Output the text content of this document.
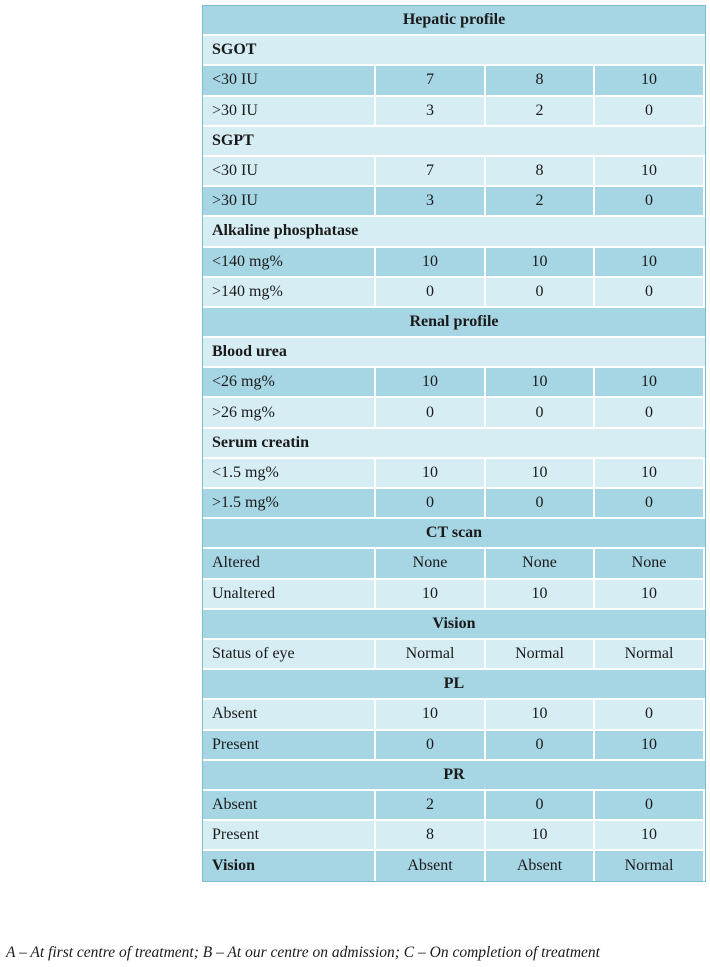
Hepatic profile
SGOT
<30 IU	7	8	10
>30 IU	3	2	0
SGPT
<30 IU	7	8	10
>30 IU	3	2	0
Alkaline phosphatase
<140 mg%	10	10	10
>140 mg%	0	0	0
Renal profile
Blood urea
<26 mg%	10	10	10
>26 mg%	0	0	0
Serum creatin
<1.5 mg%	10	10	10
>1.5 mg%	0	0	0
CT scan
Altered	None	None	None
Unaltered	10	10	10
Vision
Status of eye	Normal	Normal	Normal
PL
Absent	10	10	0
Present	0	0	10
PR
Absent	2	0	0
Present	8	10	10
Vision	Absent	Absent	Normal
A – At first centre of treatment; B – At our centre on admission; C – On completion of treatment
